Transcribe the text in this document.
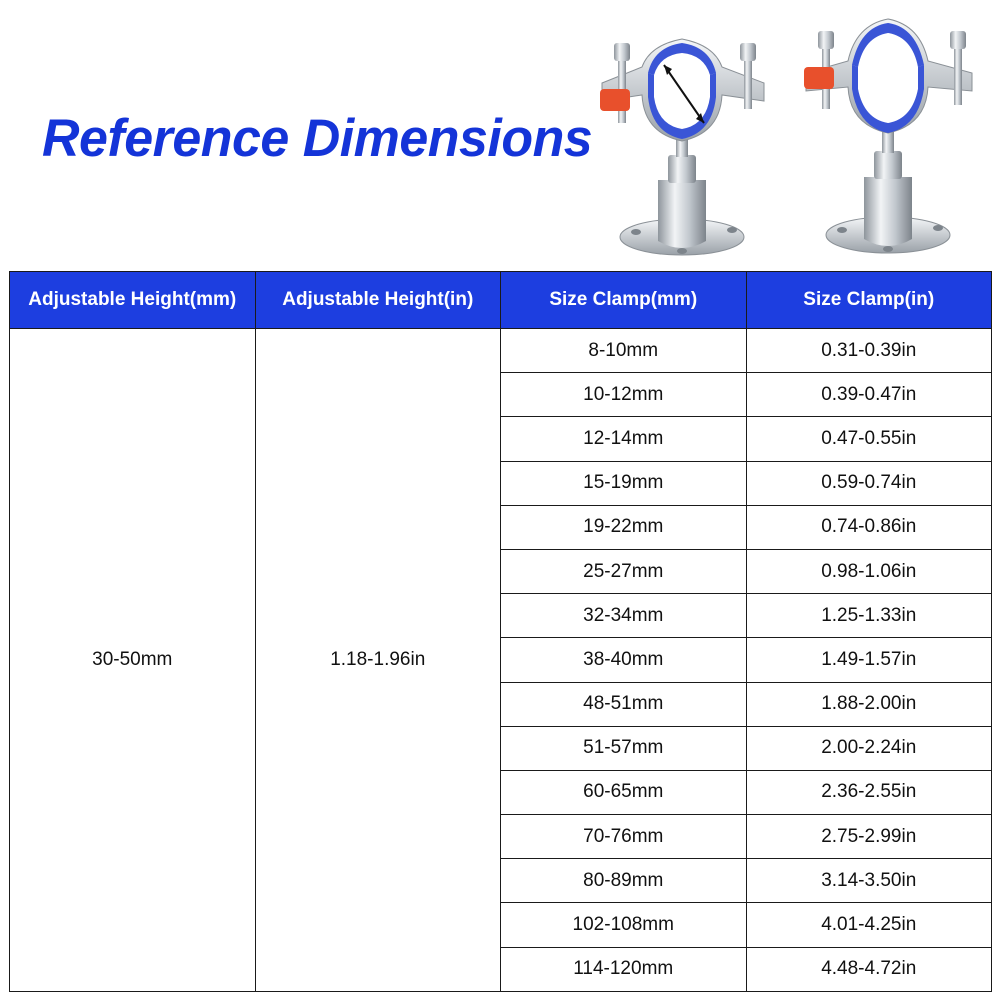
Reference Dimensions
Adjustable Height(mm)	Adjustable Height(in)	Size Clamp(mm)	Size Clamp(in)
30-50mm	1.18-1.96in	8-10mm	0.31-0.39in
		10-12mm	0.39-0.47in
		12-14mm	0.47-0.55in
		15-19mm	0.59-0.74in
		19-22mm	0.74-0.86in
		25-27mm	0.98-1.06in
		32-34mm	1.25-1.33in
		38-40mm	1.49-1.57in
		48-51mm	1.88-2.00in
		51-57mm	2.00-2.24in
		60-65mm	2.36-2.55in
		70-76mm	2.75-2.99in
		80-89mm	3.14-3.50in
		102-108mm	4.01-4.25in
		114-120mm	4.48-4.72in
